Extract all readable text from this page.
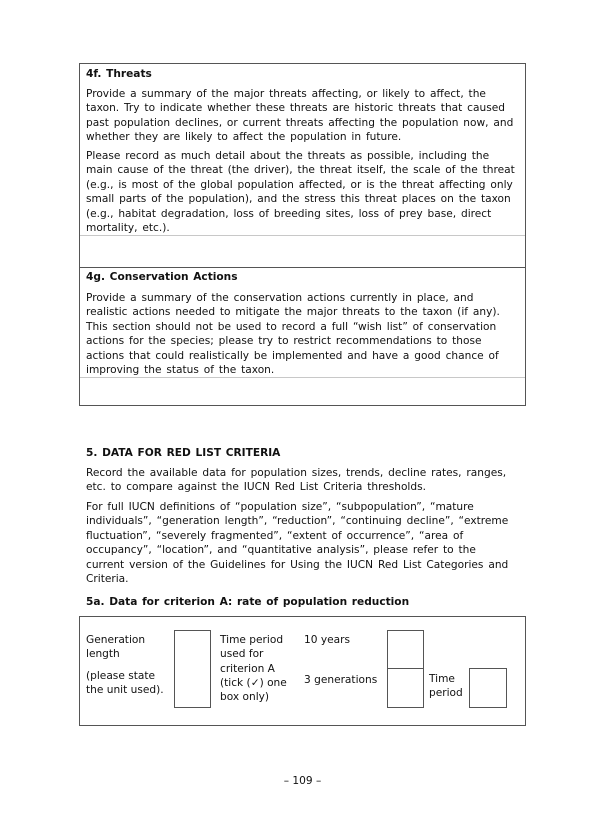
4f. Threats

Provide a summary of the major threats affecting, or likely to affect, the taxon. Try to indicate whether these threats are historic threats that caused past population declines, or current threats affecting the population now, and whether they are likely to affect the population in future.

Please record as much detail about the threats as possible, including the main cause of the threat (the driver), the threat itself, the scale of the threat (e.g., is most of the global population affected, or is the threat affecting only small parts of the population), and the stress this threat places on the taxon (e.g., habitat degradation, loss of breeding sites, loss of prey base, direct mortality, etc.).

4g. Conservation Actions

Provide a summary of the conservation actions currently in place, and realistic actions needed to mitigate the major threats to the taxon (if any). This section should not be used to record a full “wish list” of conservation actions for the species; please try to restrict recommendations to those actions that could realistically be implemented and have a good chance of improving the status of the taxon.

5. DATA FOR RED LIST CRITERIA

Record the available data for population sizes, trends, decline rates, ranges, etc. to compare against the IUCN Red List Criteria thresholds.

For full IUCN definitions of “population size”, “subpopulation”, “mature individuals”, “generation length”, “reduction”, “continuing decline”, “extreme fluctuation”, “severely fragmented”, “extent of occurrence”, “area of occupancy”, “location”, and “quantitative analysis”, please refer to the current version of the Guidelines for Using the IUCN Red List Categories and Criteria.

5a. Data for criterion A: rate of population reduction

Generation length

(please state the unit used).

Time period used for criterion A

(tick (✓) one box only)

10 years

3 generations	Time period

– 109 –
